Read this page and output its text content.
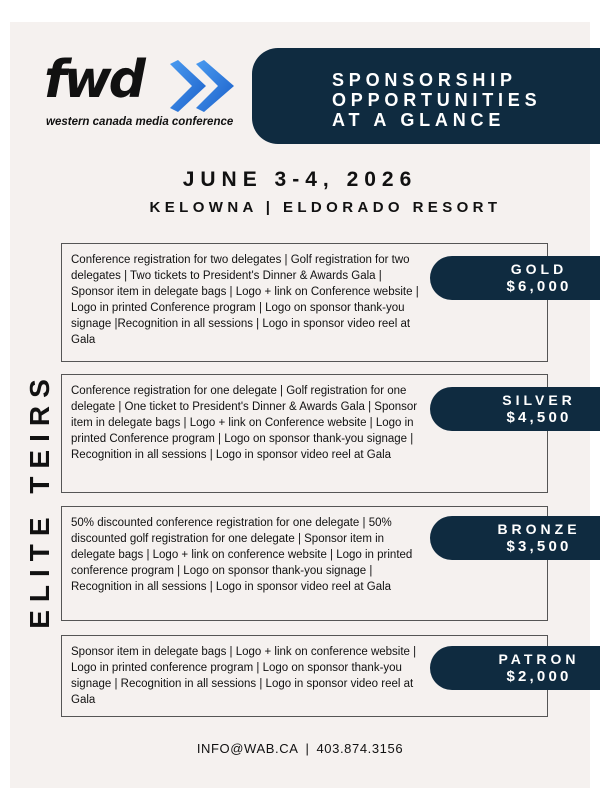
fwd
western canada media conference
SPONSORSHIP
OPPORTUNITIES
AT A GLANCE
JUNE 3-4, 2026
KELOWNA | ELDORADO RESORT
ELITE TEIRS
Conference registration for two delegates | Golf registration for two delegates | Two tickets to President's Dinner & Awards Gala | Sponsor item in delegate bags | Logo + link on Conference website | Logo in printed Conference program | Logo on sponsor thank-you signage |Recognition in all sessions | Logo in sponsor video reel at Gala
GOLD
$6,000
Conference registration for one delegate | Golf registration for one delegate | One ticket to President's Dinner & Awards Gala | Sponsor item in delegate bags | Logo + link on Conference website | Logo in printed Conference program | Logo on sponsor thank-you signage | Recognition in all sessions | Logo in sponsor video reel at Gala
SILVER
$4,500
50% discounted conference registration for one delegate | 50% discounted golf registration for one delegate | Sponsor item in delegate bags | Logo + link on conference website | Logo in printed conference program | Logo on sponsor thank-you signage | Recognition in all sessions | Logo in sponsor video reel at Gala
BRONZE
$3,500
Sponsor item in delegate bags | Logo + link on conference website | Logo in printed conference program | Logo on sponsor thank-you signage | Recognition in all sessions | Logo in sponsor video reel at Gala
PATRON
$2,000
INFO@WAB.CA | 403.874.3156
